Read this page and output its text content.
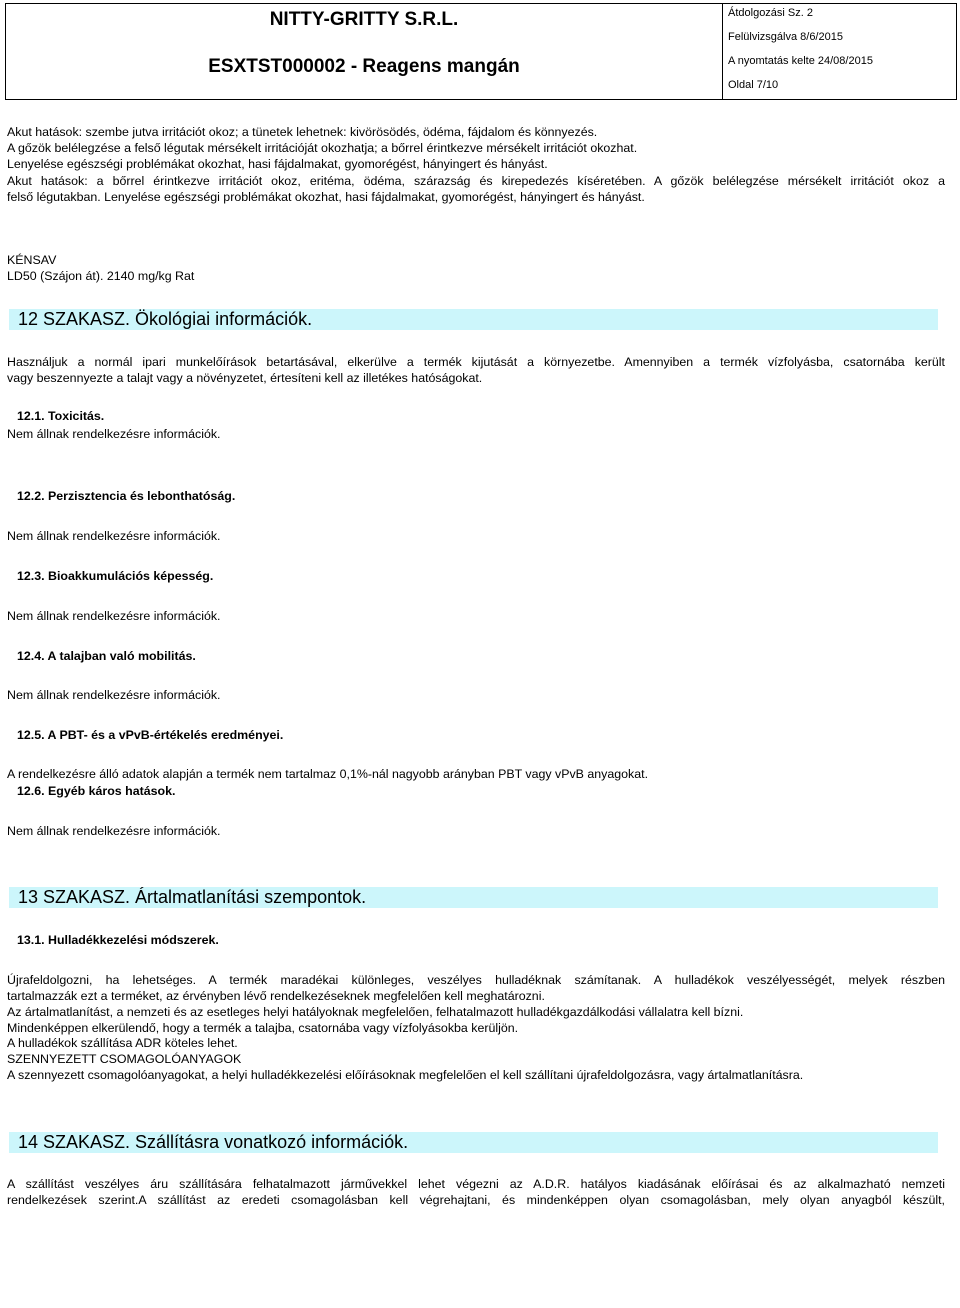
NITTY-GRITTY S.R.L.
ESXTST000002 - Reagens mangán
Átdolgozási Sz. 2
Felülvizsgálva 8/6/2015
A nyomtatás kelte 24/08/2015
Oldal 7/10
Akut hatások: szembe jutva irritációt okoz; a tünetek lehetnek: kivörösödés, ödéma, fájdalom és könnyezés.
A gőzök belélegzése a felső légutak mérsékelt irritációját okozhatja; a bőrrel érintkezve mérsékelt irritációt okozhat.
Lenyelése egészségi problémákat okozhat, hasi fájdalmakat, gyomorégést, hányingert és hányást.
Akut hatások: a bőrrel érintkezve irritációt okoz, eritéma, ödéma, szárazság és kirepedezés kíséretében. A gőzök belélegzése mérsékelt irritációt okoz a
felső légutakban. Lenyelése egészségi problémákat okozhat, hasi fájdalmakat, gyomorégést, hányingert és hányást.
KÉNSAV
LD50 (Szájon át). 2140 mg/kg Rat
12 SZAKASZ. Ökológiai információk.
Használjuk a normál ipari munkelőírások betartásával, elkerülve a termék kijutását a környezetbe. Amennyiben a termék vízfolyásba, csatornába került
vagy beszennyezte a talajt vagy a növényzetet, értesíteni kell az illetékes hatóságokat.
12.1. Toxicitás.
Nem állnak rendelkezésre információk.
12.2. Perzisztencia és lebonthatóság.
Nem állnak rendelkezésre információk.
12.3. Bioakkumulációs képesség.
Nem állnak rendelkezésre információk.
12.4. A talajban való mobilitás.
Nem állnak rendelkezésre információk.
12.5. A PBT- és a vPvB-értékelés eredményei.
A rendelkezésre álló adatok alapján a termék nem tartalmaz 0,1%-nál nagyobb arányban PBT vagy vPvB anyagokat.
12.6. Egyéb káros hatások.
Nem állnak rendelkezésre információk.
13 SZAKASZ. Ártalmatlanítási szempontok.
13.1. Hulladékkezelési módszerek.
Újrafeldolgozni, ha lehetséges. A termék maradékai különleges, veszélyes hulladéknak számítanak. A hulladékok veszélyességét, melyek részben
tartalmazzák ezt a terméket, az érvényben lévő rendelkezéseknek megfelelően kell meghatározni.
Az ártalmatlanítást, a nemzeti és az esetleges helyi hatályoknak megfelelően, felhatalmazott hulladékgazdálkodási vállalatra kell bízni.
Mindenképpen elkerülendő, hogy a termék a talajba, csatornába vagy vízfolyásokba kerüljön.
A hulladékok szállítása ADR köteles lehet.
SZENNYEZETT CSOMAGOLÓANYAGOK
A szennyezett csomagolóanyagokat, a helyi hulladékkezelési előírásoknak megfelelően el kell szállítani újrafeldolgozásra, vagy ártalmatlanításra.
14 SZAKASZ. Szállításra vonatkozó információk.
A szállítást veszélyes áru szállítására felhatalmazott járművekkel lehet végezni az A.D.R. hatályos kiadásának előírásai és az alkalmazható nemzeti
rendelkezések szerint.A szállítást az eredeti csomagolásban kell végrehajtani, és mindenképpen olyan csomagolásban, mely olyan anyagból készült,
